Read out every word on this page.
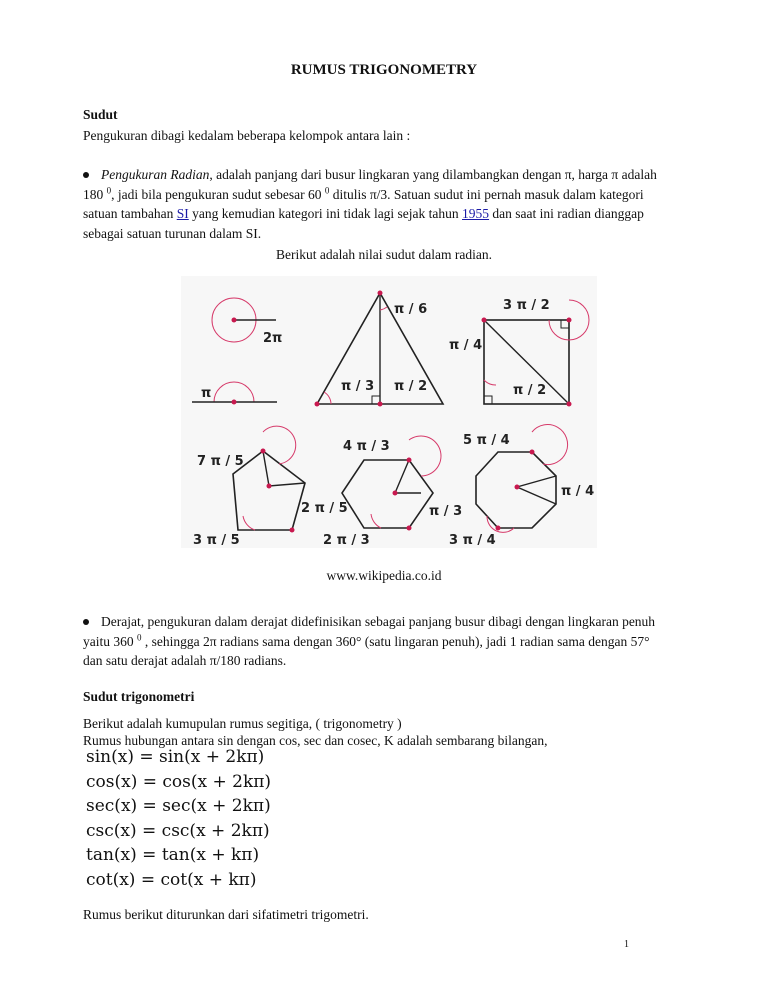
RUMUS TRIGONOMETRY
Sudut
Pengukuran dibagi kedalam beberapa kelompok antara lain :
Pengukuran Radian, adalah panjang dari busur lingkaran yang dilambangkan dengan π, harga π adalah
180 $^0$, jadi bila pengukuran sudut sebesar 60 $^0$ ditulis π/3. Satuan sudut ini pernah masuk dalam kategori
satuan tambahan SI yang kemudian kategori ini tidak lagi sejak tahun 1955 dan saat ini radian dianggap
sebagai satuan turunan dalam SI.
Berikut adalah nilai sudut dalam radian.
2π
π
π / 6
π / 3 π / 2
3 π / 2
π / 4
π / 2
7 π / 5
2 π / 5
3 π / 5
4 π / 3
π / 3
2 π / 3
5 π / 4
π / 4
3 π / 4
www.wikipedia.co.id
Derajat, pengukuran dalam derajat didefinisikan sebagai panjang busur dibagi dengan lingkaran penuh
yaitu 360 $^0$ , sehingga 2π radians sama dengan 360° (satu lingaran penuh), jadi 1 radian sama dengan 57°
dan satu derajat adalah π/180 radians.
Sudut trigonometri
Berikut adalah kumupulan rumus segitiga, ( trigonometry )
Rumus hubungan antara sin dengan cos, sec dan cosec, K adalah sembarang bilangan,
sin(x) = sin(x + 2kπ)
cos(x) = cos(x + 2kπ)
sec(x) = sec(x + 2kπ)
csc(x) = csc(x + 2kπ)
tan(x) = tan(x + kπ)
cot(x) = cot(x + kπ)
Rumus berikut diturunkan dari sifatimetri trigometri.
1
